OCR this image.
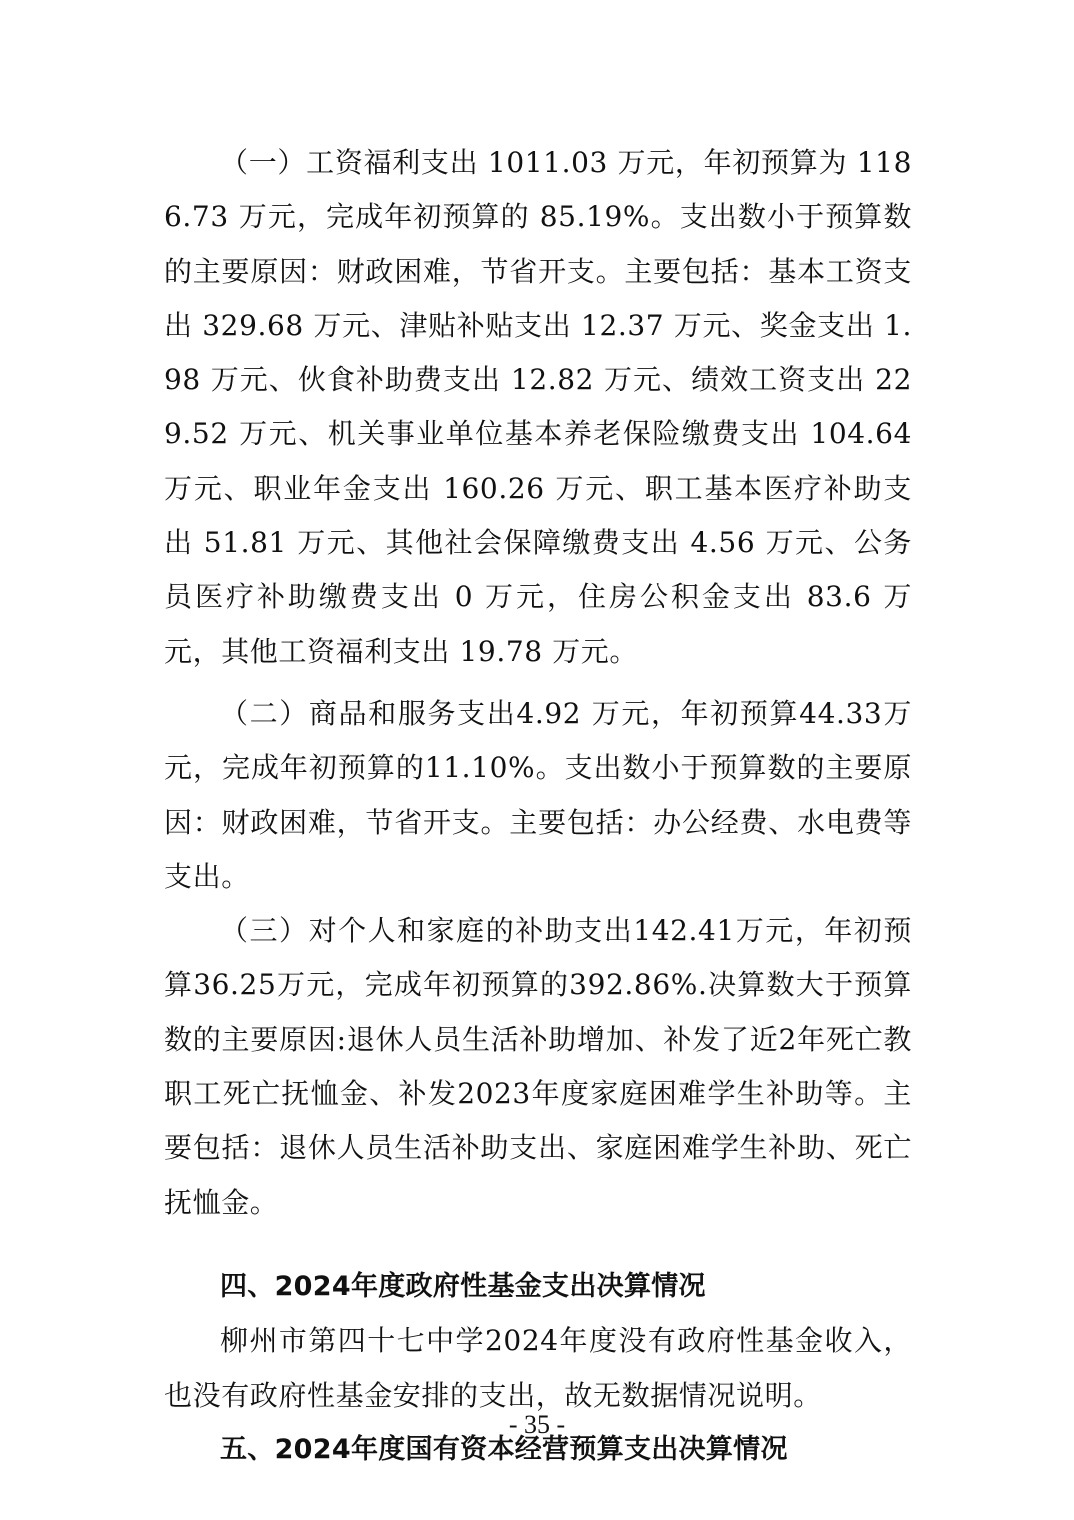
（一）工资福利支出 1011.03 万元，年初预算为 1186.73 万元，完成年初预算的 85.19%。支出数小于预算数的主要原因：财政困难，节省开支。主要包括：基本工资支出 329.68 万元、津贴补贴支出 12.37 万元、奖金支出 1.98 万元、伙食补助费支出 12.82 万元、绩效工资支出 229.52 万元、机关事业单位基本养老保险缴费支出 104.64 万元、职业年金支出 160.26 万元、职工基本医疗补助支出 51.81 万元、其他社会保障缴费支出 4.56 万元、公务员医疗补助缴费支出 0 万元，住房公积金支出 83.6 万元，其他工资福利支出 19.78 万元。

（二）商品和服务支出4.92 万元，年初预算44.33万元，完成年初预算的11.10%。支出数小于预算数的主要原因：财政困难，节省开支。主要包括：办公经费、水电费等支出。

（三）对个人和家庭的补助支出142.41万元，年初预算36.25万元，完成年初预算的392.86%.决算数大于预算数的主要原因:退休人员生活补助增加、补发了近2年死亡教职工死亡抚恤金、补发2023年度家庭困难学生补助等。主要包括：退休人员生活补助支出、家庭困难学生补助、死亡抚恤金。

四、2024年度政府性基金支出决算情况

柳州市第四十七中学2024年度没有政府性基金收入，也没有政府性基金安排的支出，故无数据情况说明。

五、2024年度国有资本经营预算支出决算情况

- 35 -
